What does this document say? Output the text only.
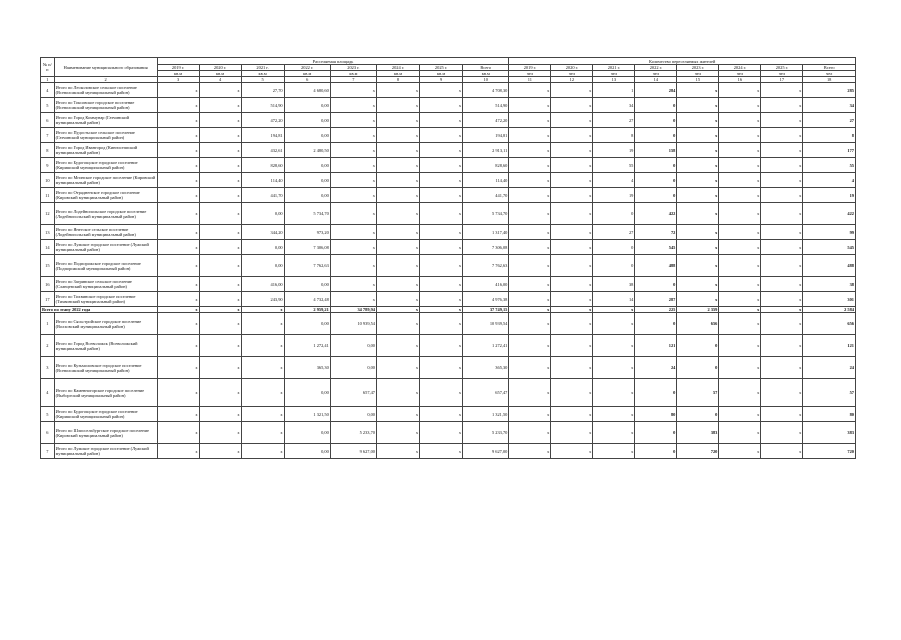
№ п/п	Наименование муниципального образования	Расселяемая площадь								Количество переселяемых жителей							
		2019 г.	2020 г.	2021 г.	2022 г.	2023 г.	2024 г.	2025 г.	Всего	2019 г.	2020 г.	2021 г.	2022 г.	2023 г.	2024 г.	2025 г.	Всего
		кв.м	кв.м	кв.м	кв.м	кв.м	кв.м	кв.м	кв.м	чел	чел	чел	чел	чел	чел	чел	чел
1	2	3	4	5	6	7	8	9	10	11	12	13	14	15	16	17	18
4	Итого по Лесколовское сельское поселение (Всеволожский муниципальный район)	x	x	27,70	4 680,60	x	x	x	4 708,30	x	x	1	284	x	x	x	285
5	Итого по Токсовское городское поселение (Всеволожский муниципальный район)	x	x	514,90	0,00	x	x	x	514,90	x	x	34	0	x	x	x	34
6	Итого по Город Коммунар (Гатчинский муниципальный район)	x	x	472,20	0,00	x	x	x	472,20	x	x	27	0	x	x	x	27
7	Итого по Пудостьское сельское поселение (Гатчинский муниципальный район)	x	x	194,81	0,00	x	x	x	194,81	x	x	8	0	x	x	x	8
8	Итого по Город Ивангород (Кингисеппский муниципальный район)	x	x	432,61	2 480,50	x	x	x	2 913,11	x	x	19	158	x	x	x	177
9	Итого по Будогощское городское поселение (Киришский муниципальный район)	x	x	828,60	0,00	x	x	x	828,60	x	x	55	0	x	x	x	55
10	Итого по Мгинское городское поселение (Кировский муниципальный район)	x	x	114,40	0,00	x	x	x	114,40	x	x	4	0	x	x	x	4
11	Итого по Отрадненское городское поселение (Кировский муниципальный район)	x	x	441,70	0,00	x	x	x	441,70	x	x	19	0	x	x	x	19
12	Итого по Лодейнопольское городское поселение (Лодейнопольский муниципальный район)	x	x	0,00	5 734,70	x	x	x	5 734,70	x	x	0	422	x	x	x	422
13	Итого по Янегское сельское поселение (Лодейнопольский муниципальный район)	x	x	344,20	973,20	x	x	x	1 317,40	x	x	27	72	x	x	x	99
14	Итого по Лужское городское поселение (Лужский муниципальный район)	x	x	0,00	7 306,08	x	x	x	7 306,08	x	x	0	545	x	x	x	545
15	Итого по Подпорожское городское поселение (Подпорожский муниципальный район)	x	x	0,00	7 762,63	x	x	x	7 762,63	x	x	0	488	x	x	x	488
16	Итого по Загривское сельское поселение (Сланцевский муниципальный район)	x	x	416,00	0,00	x	x	x	416,00	x	x	38	0	x	x	x	38
17	Итого по Тихвинское городское поселение (Тихвинский муниципальный район)	x	x	243,90	4 732,48	x	x	x	4 976,38	x	x	14	287	x	x	x	301
Всего по этапу 2022 года		x	x	x	2 959,21	34 789,94	x	x	37 749,15	x	x	x	225	2 359	x	x	2 584
1	Итого по Сясьстройское городское поселение (Волховский муниципальный район)	x	x	x	0,00	10 939,54	x	x	10 939,54	x	x	x	0	656	x	x	656
2	Итого по Город Всеволожск (Всеволожский муниципальный район)	x	x	x	1 272,41	0,00	x	x	1 272,41	x	x	x	121	0	x	x	121
3	Итого по Кузьмоловское городское поселение (Всеволожский муниципальный район)	x	x	x	365,30	0,00	x	x	365,30	x	x	x	24	0	x	x	24
4	Итого по Каменногорское городское поселение (Выборгский муниципальный район)	x	x	x	0,00	657,47	x	x	657,47	x	x	x	0	57	x	x	57
5	Итого по Будогощское городское поселение (Киришский муниципальный район)	x	x	x	1 321,50	0,00	x	x	1 321,50	x	x	x	80	0	x	x	80
6	Итого по Шлиссельбургское городское поселение (Кировский муниципальный район)	x	x	x	0,00	5 233,70	x	x	5 233,70	x	x	x	0	383	x	x	383
7	Итого по Лужское городское поселение (Лужский муниципальный район)	x	x	x	0,00	9 627,00	x	x	9 627,00	x	x	x	0	720	x	x	720
